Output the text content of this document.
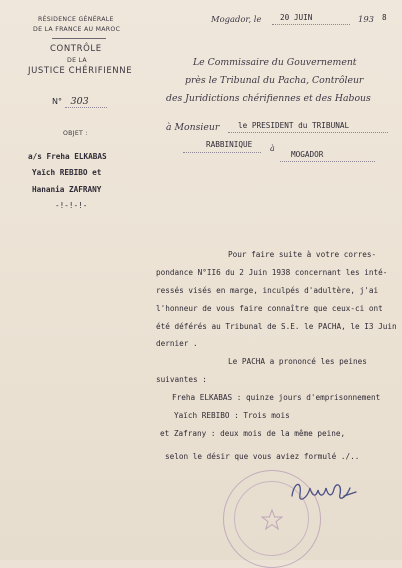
RÉSIDENCE GÉNÉRALE
DE LA FRANCE AU MAROC
CONTRÔLE
DE LA
JUSTICE CHÉRIFIENNE
N° 303
OBJET :
a/s Freha ELKABAS
Yaïch REBIBO et
Hanania ZAFRANY
-!-!-!-
Mogador, le 20 JUIN	193 8
Le Commissaire du Gouvernement
près le Tribunal du Pacha, Contrôleur
des Juridictions chérifiennes et des Habous
à Monsieur le PRESIDENT du TRIBUNAL
RABBINIQUE à
MOGADOR
Pour faire suite à votre corres-
pondance N°II6 du 2 Juin 1938 concernant les inté-
ressés visés en marge, inculpés d'adultère, j'ai
l'honneur de vous faire connaître que ceux-ci ont
été déférés au Tribunal de S.E. le PACHA, le I3 Juin
dernier .
Le PACHA a prononcé les peines
suivantes :
Freha ELKABAS : quinze jours d'emprisonnement
Yaïch REBIBO : Trois mois
et Zafrany : deux mois de la même peine,
selon le désir que vous aviez formulé ./..
